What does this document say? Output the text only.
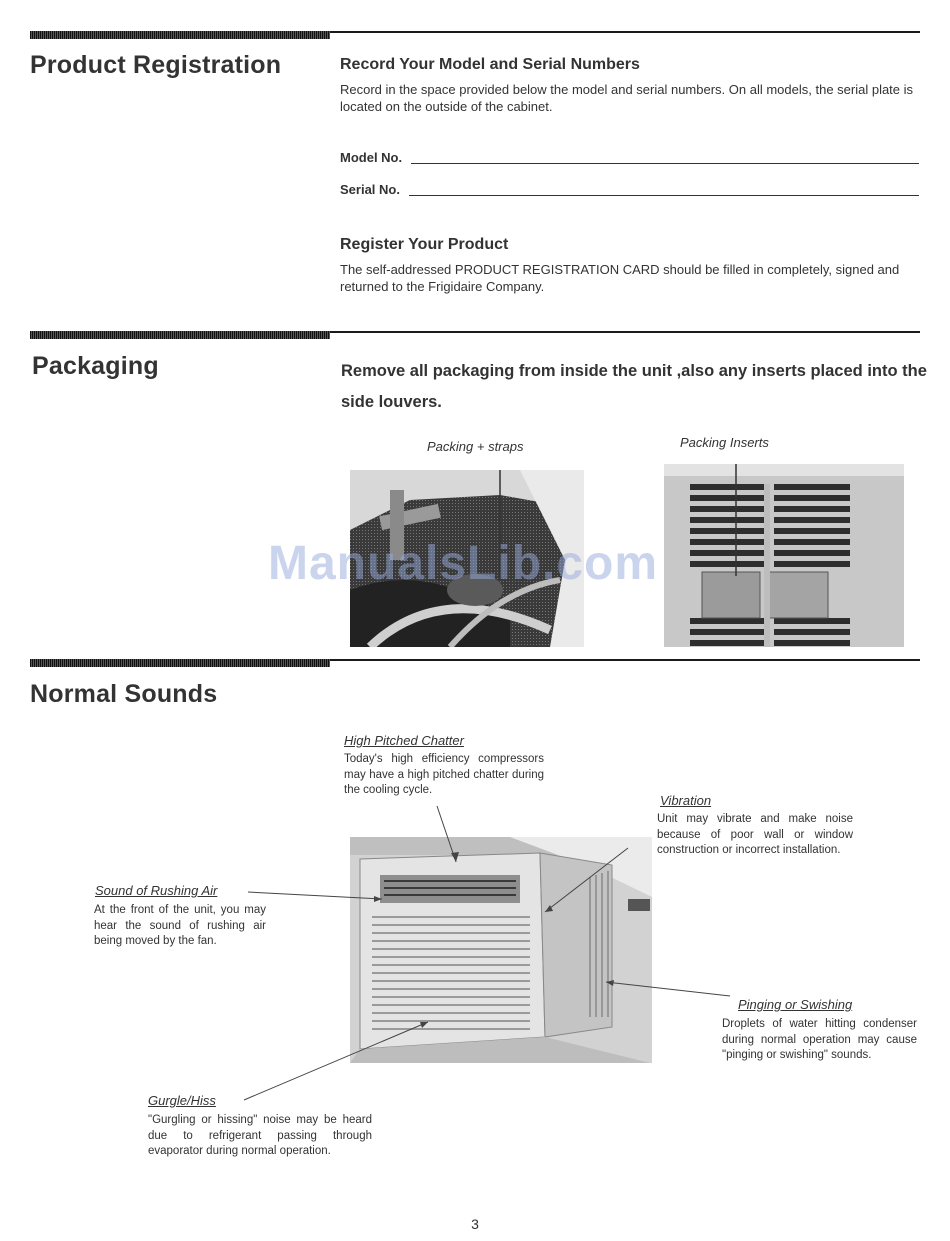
Product Registration	Record Your Model and Serial Numbers

Record in the space provided below the model and serial numbers. On all models, the serial plate is located on the outside of the cabinet.

Model No.
Serial No.
Register Your Product

The self-addressed PRODUCT REGISTRATION CARD should be filled in completely, signed and returned to the Frigidaire Company.

Packaging	Remove all packaging from inside the unit ,also any inserts placed into the side louvers.

Packing + straps	Packing Inserts
ManualsLib.com
Normal Sounds
High Pitched Chatter

Today's high efficiency compressors may have a high pitched chatter during the cooling cycle.

Vibration

Unit may vibrate and make noise because of poor wall or window construction or incorrect installation.

Sound of Rushing Air

At the front of the unit, you may hear the sound of rushing air being moved by the fan.

Pinging or Swishing

Droplets of water hitting condenser during normal operation may cause "pinging or swishing" sounds.

Gurgle/Hiss

"Gurgling or hissing" noise may be heard due to refrigerant passing through evaporator during normal operation.

3
